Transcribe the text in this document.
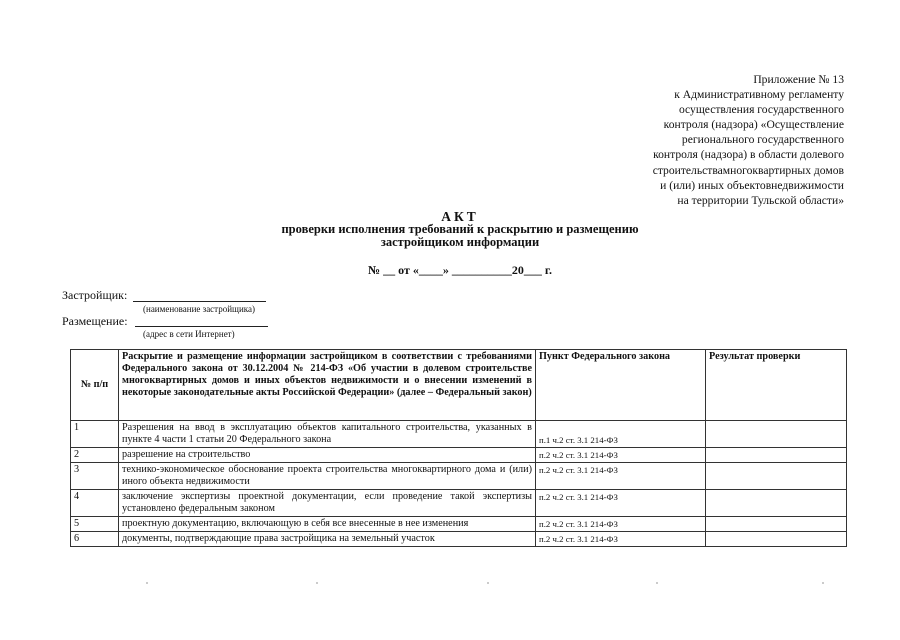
Приложение № 13
к Административному регламенту
осуществления государственного
контроля (надзора) «Осуществление
регионального государственного
контроля (надзора) в области долевого
строительствамногоквартирных домов
и (или) иных объектовнедвижимости
на территории Тульской области»
АКТ
проверки исполнения требований к раскрытию и размещению
застройщиком информации
№ __ от «____» __________20___ г.
Застройщик:
(наименование застройщика)
Размещение:
(адрес в сети Интернет)
№ п/п	Раскрытие и размещение информации застройщиком в соответствии с требованиями Федерального закона от 30.12.2004 № 214-ФЗ «Об участии в долевом строительстве многоквартирных домов и иных объектов недвижимости и о внесении изменений в некоторые законодательные акты Российской Федерации» (далее – Федеральный закон)	Пункт Федерального закона	Результат проверки
1	Разрешения на ввод в эксплуатацию объектов капитального строительства, указанных в пункте 4 части 1 статьи 20 Федерального закона	п.1 ч.2 ст. 3.1 214-ФЗ	
2	разрешение на строительство	п.2 ч.2 ст. 3.1 214-ФЗ	
3	технико-экономическое обоснование проекта строительства многоквартирного дома и (или) иного объекта недвижимости	п.2 ч.2 ст. 3.1 214-ФЗ	
4	заключение экспертизы проектной документации, если проведение такой экспертизы установлено федеральным законом	п.2 ч.2 ст. 3.1 214-ФЗ	
5	проектную документацию, включающую в себя все внесенные в нее изменения	п.2 ч.2 ст. 3.1 214-ФЗ	
6	документы, подтверждающие права застройщика на земельный участок	п.2 ч.2 ст. 3.1 214-ФЗ	
